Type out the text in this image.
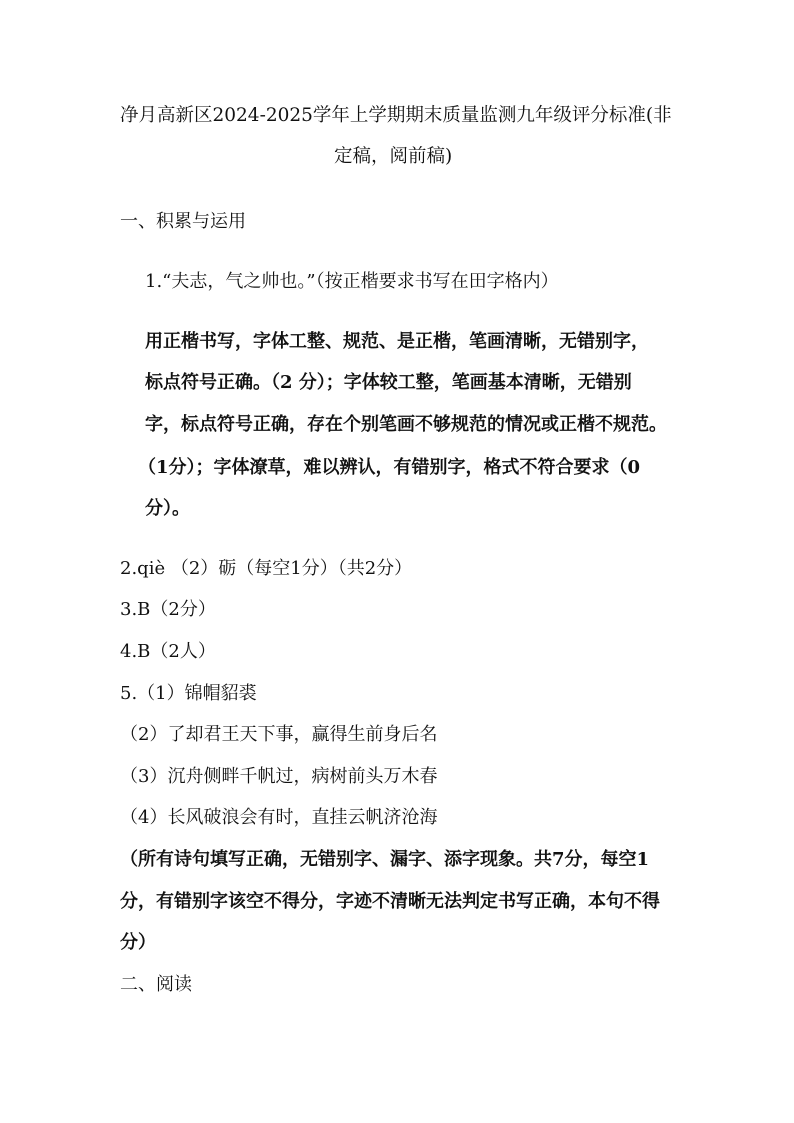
净月高新区2024-2025学年上学期期末质量监测九年级评分标准(非
定稿，阅前稿)
一、积累与运用
1.“夫志，气之帅也。”（按正楷要求书写在田字格内）
用正楷书写，字体工整、规范、是正楷，笔画清晰，无错别字，
标点符号正确。（2 分）；字体较工整，笔画基本清晰，无错别
字，标点符号正确，存在个别笔画不够规范的情况或正楷不规范。
（1分）；字体潦草，难以辨认，有错别字，格式不符合要求（0
分）。
2.qiè （2）砺（每空1分）（共2分）
3.B（2分）
4.B（2人）
5.（1）锦帽貂裘
（2）了却君王天下事，赢得生前身后名
（3）沉舟侧畔千帆过，病树前头万木春
（4）长风破浪会有时，直挂云帆济沧海
（所有诗句填写正确，无错别字、漏字、添字现象。共7分，每空1
分，有错别字该空不得分，字迹不清晰无法判定书写正确，本句不得
分）
二、阅读
